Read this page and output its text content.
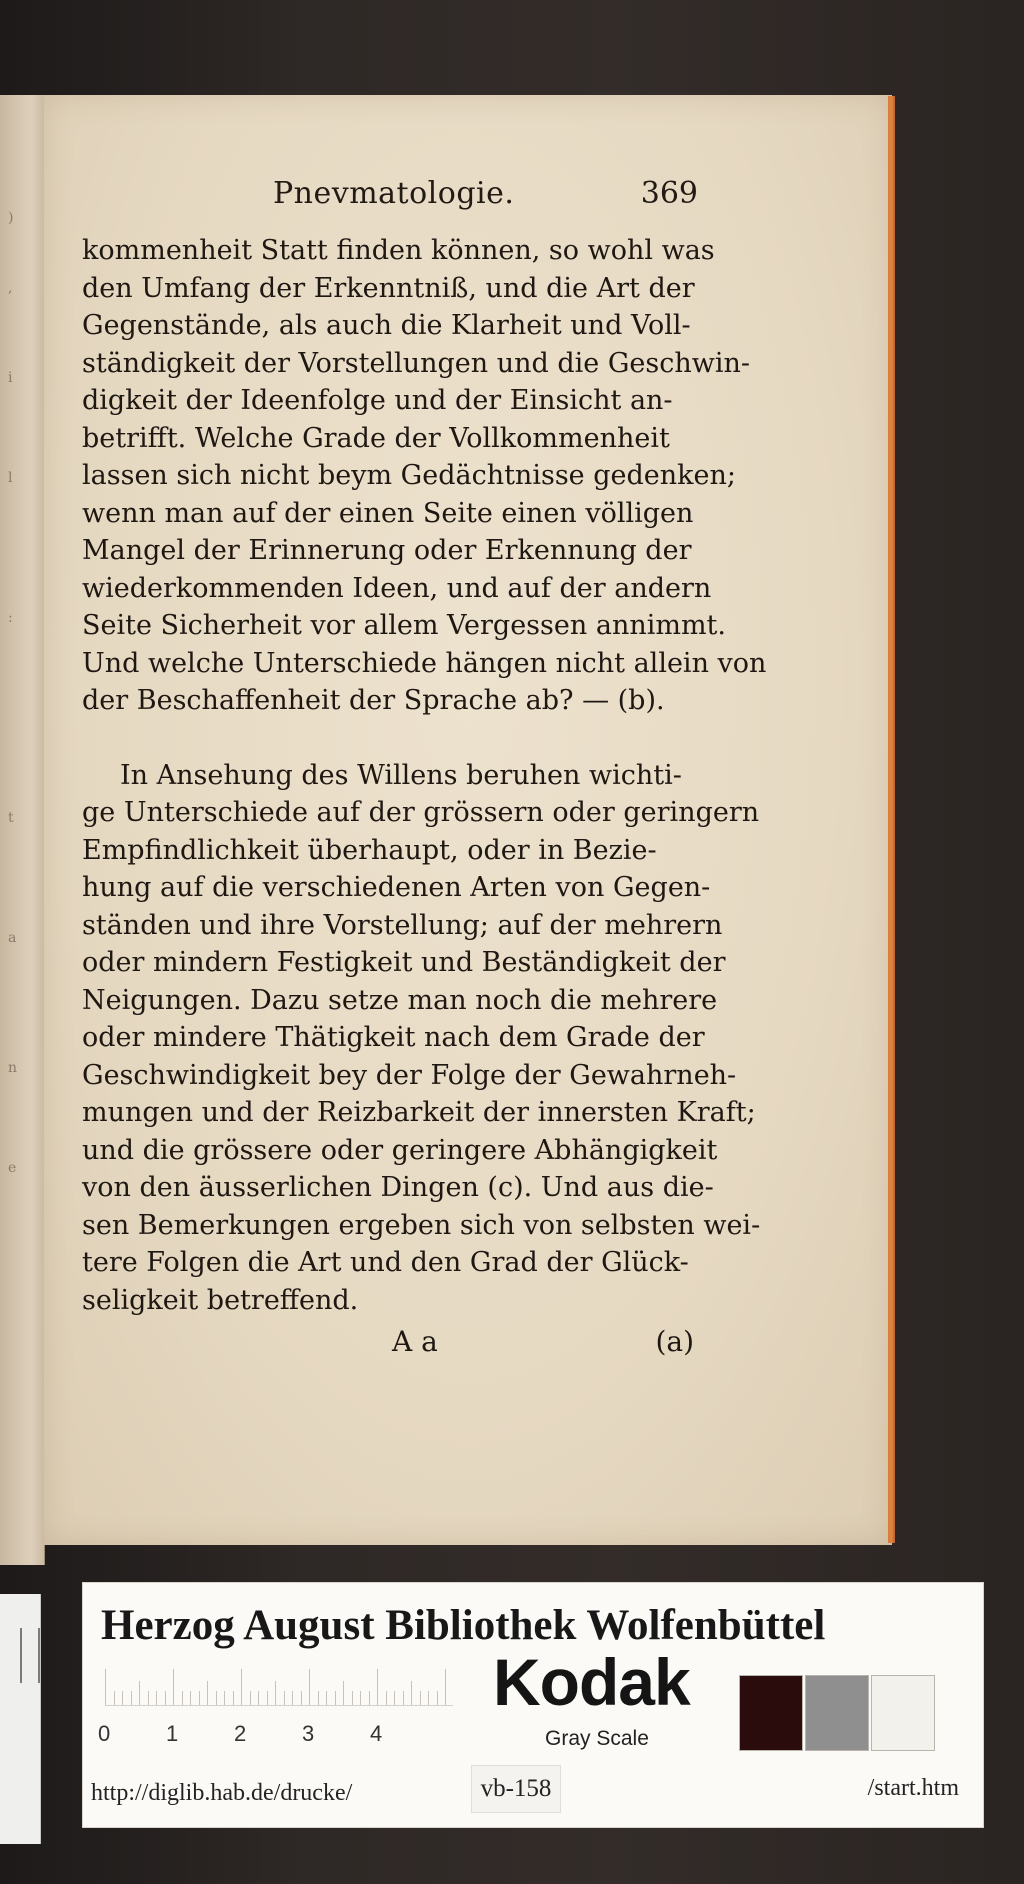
)
,
i
l
:
t
a
n
e
Pnevmatologie.	369
kommenheit Statt finden können, so wohl was
den Umfang der Erkenntniß, und die Art der
Gegenstände, als auch die Klarheit und Voll-
ständigkeit der Vorstellungen und die Geschwin-
digkeit der Ideenfolge und der Einsicht an-
betrifft. Welche Grade der Vollkommenheit
lassen sich nicht beym Gedächtnisse gedenken;
wenn man auf der einen Seite einen völligen
Mangel der Erinnerung oder Erkennung der
wiederkommenden Ideen, und auf der andern
Seite Sicherheit vor allem Vergessen annimmt.
Und welche Unterschiede hängen nicht allein von
der Beschaffenheit der Sprache ab? — (b).
In Ansehung des Willens beruhen wichti-
ge Unterschiede auf der grössern oder geringern
Empfindlichkeit überhaupt, oder in Bezie-
hung auf die verschiedenen Arten von Gegen-
ständen und ihre Vorstellung; auf der mehrern
oder mindern Festigkeit und Beständigkeit der
Neigungen. Dazu setze man noch die mehrere
oder mindere Thätigkeit nach dem Grade der
Geschwindigkeit bey der Folge der Gewahrneh-
mungen und der Reizbarkeit der innersten Kraft;
und die grössere oder geringere Abhängigkeit
von den äusserlichen Dingen (c). Und aus die-
sen Bemerkungen ergeben sich von selbsten wei-
tere Folgen die Art und den Grad der Glück-
seligkeit betreffend.
A a	(a)
Herzog August Bibliothek Wolfenbüttel
0	1	2	3	4
Kodak
Gray Scale
http://diglib.hab.de/drucke/	vb-158	/start.htm
